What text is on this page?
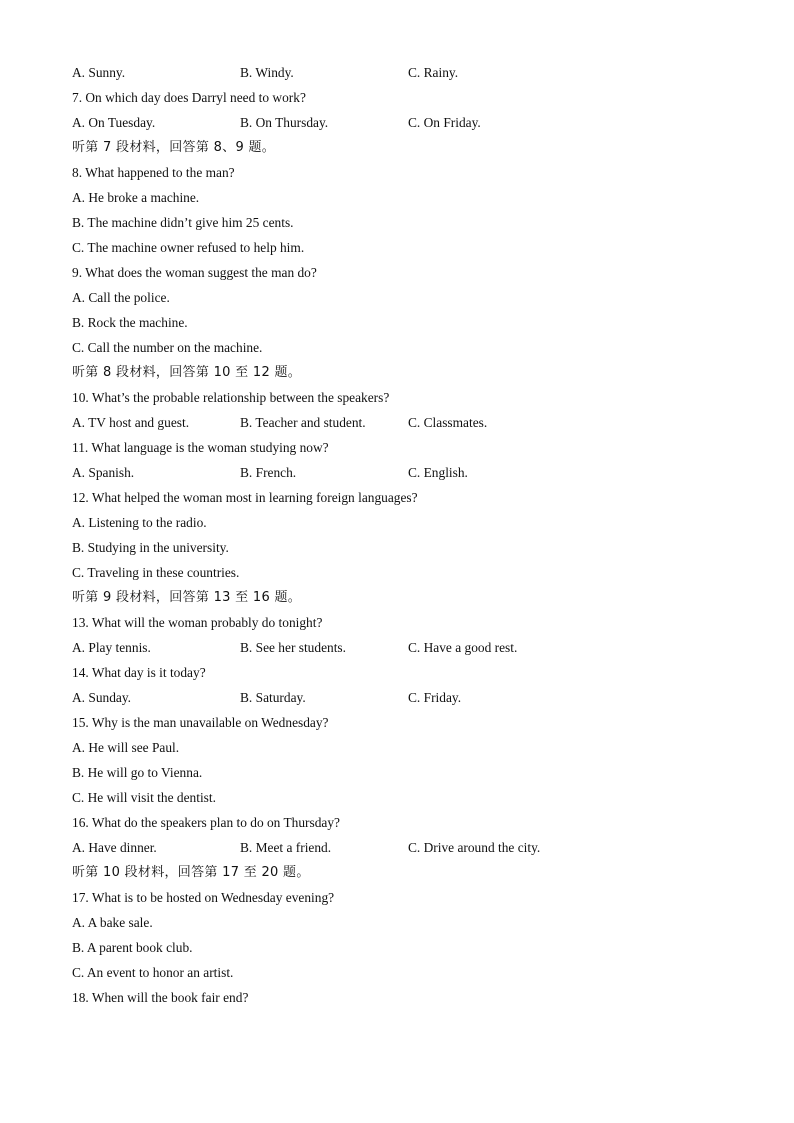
A. Sunny.	B. Windy.	C. Rainy.
7. On which day does Darryl need to work?
A. On Tuesday.	B. On Thursday.	C. On Friday.
听第 7 段材料，回答第 8、9 题。
8. What happened to the man?
A. He broke a machine.
B. The machine didn’t give him 25 cents.
C. The machine owner refused to help him.
9. What does the woman suggest the man do?
A. Call the police.
B. Rock the machine.
C. Call the number on the machine.
听第 8 段材料，回答第 10 至 12 题。
10. What’s the probable relationship between the speakers?
A. TV host and guest.	B. Teacher and student.	C. Classmates.
11. What language is the woman studying now?
A. Spanish.	B. French.	C. English.
12. What helped the woman most in learning foreign languages?
A. Listening to the radio.
B. Studying in the university.
C. Traveling in these countries.
听第 9 段材料，回答第 13 至 16 题。
13. What will the woman probably do tonight?
A. Play tennis.	B. See her students.	C. Have a good rest.
14. What day is it today?
A. Sunday.	B. Saturday.	C. Friday.
15. Why is the man unavailable on Wednesday?
A. He will see Paul.
B. He will go to Vienna.
C. He will visit the dentist.
16. What do the speakers plan to do on Thursday?
A. Have dinner.	B. Meet a friend.	C. Drive around the city.
听第 10 段材料，回答第 17 至 20 题。
17. What is to be hosted on Wednesday evening?
A. A bake sale.
B. A parent book club.
C. An event to honor an artist.
18. When will the book fair end?
